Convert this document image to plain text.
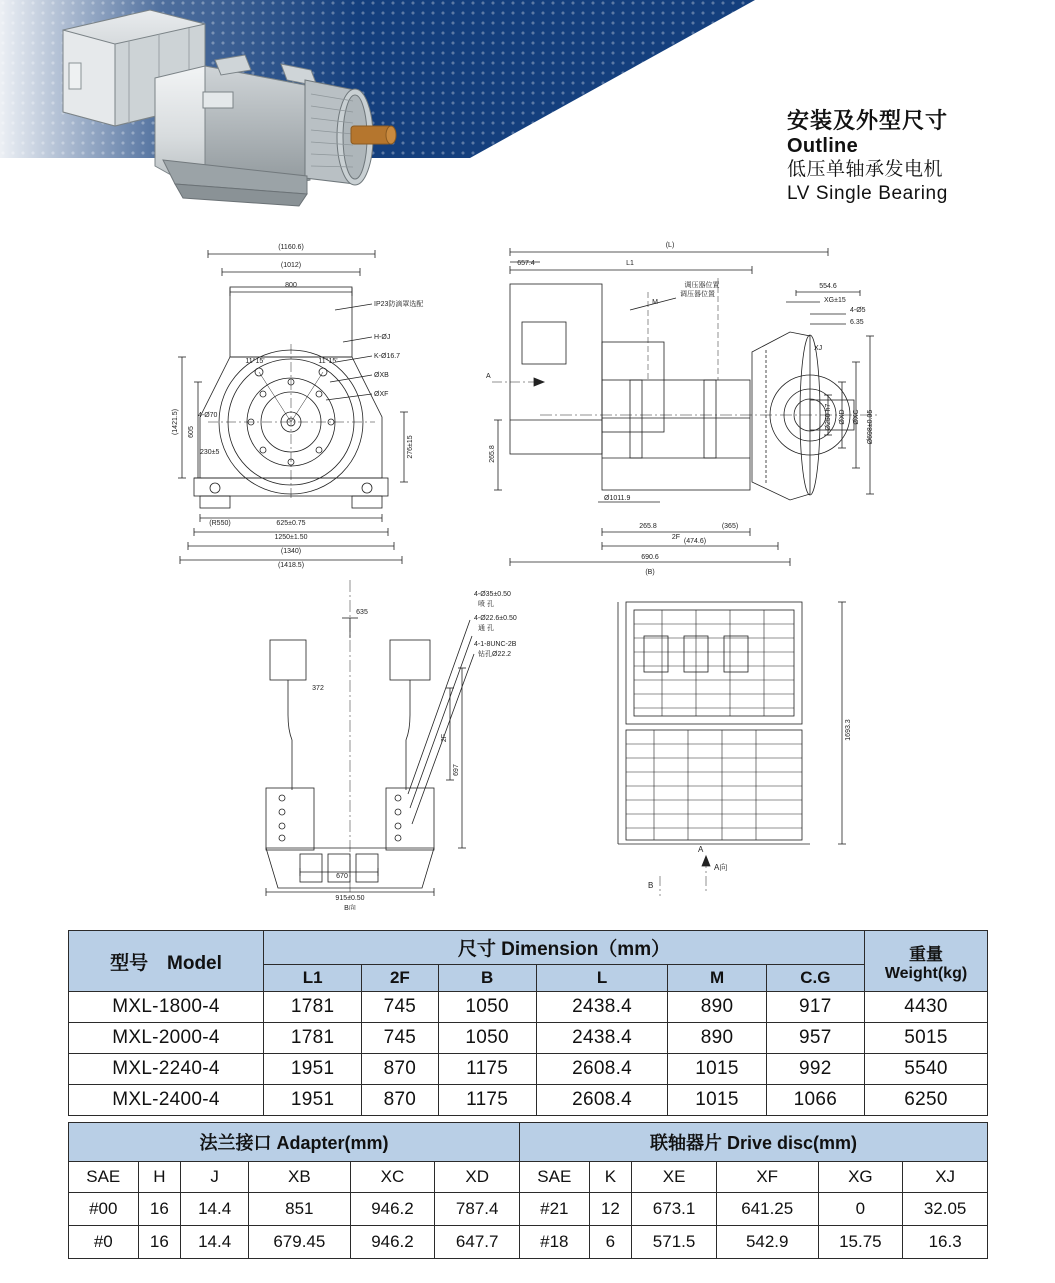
安装及外型尺寸
Outline
低压单轴承发电机
LV Single Bearing
(1160.6)
(1012)
800
11°15'	11°15'
625±0.75
1250±1.50
(1340)
(1418.5)
(R550)
IP23防滴罩选配
H-ØJ
K-Ø16.7
ØXB
ØXF
4-Ø70
230±5
(1421.5) 605
276±15
(L)
L1
657.4
调压器位置
M
554.6
2F
265.8	(365)
(474.6)
690.6
(B)
调压器位置
4-Ø5
6.35
XG±15
XJ
A
Ø1011.9
Ø250 h7 ØXD ØXC Ø698±0.05
265.8
4-Ø35±0.50
喷 孔
4-Ø22.6±0.50
通 孔
4-1-8UNC-2B
钻孔Ø22.2
670
915±0.50
B向
635
372
2F
697
1693.3
A向
B
A
型号 Model	尺寸 Dimension（mm）						重量
Weight(kg)

	L1	2F	B	L	M	C.G	
MXL-1800-4	1781	745	1050	2438.4	890	917	4430
MXL-2000-4	1781	745	1050	2438.4	890	957	5015
MXL-2240-4	1951	870	1175	2608.4	1015	992	5540
MXL-2400-4	1951	870	1175	2608.4	1015	1066	6250
法兰接口 Adapter(mm)						联轴器片 Drive disc(mm)					
SAE	H	J	XB	XC	XD	SAE	K	XE	XF	XG	XJ
#00	16	14.4	851	946.2	787.4	#21	12	673.1	641.25	0	32.05
#0	16	14.4	679.45	946.2	647.7	#18	6	571.5	542.9	15.75	16.3
